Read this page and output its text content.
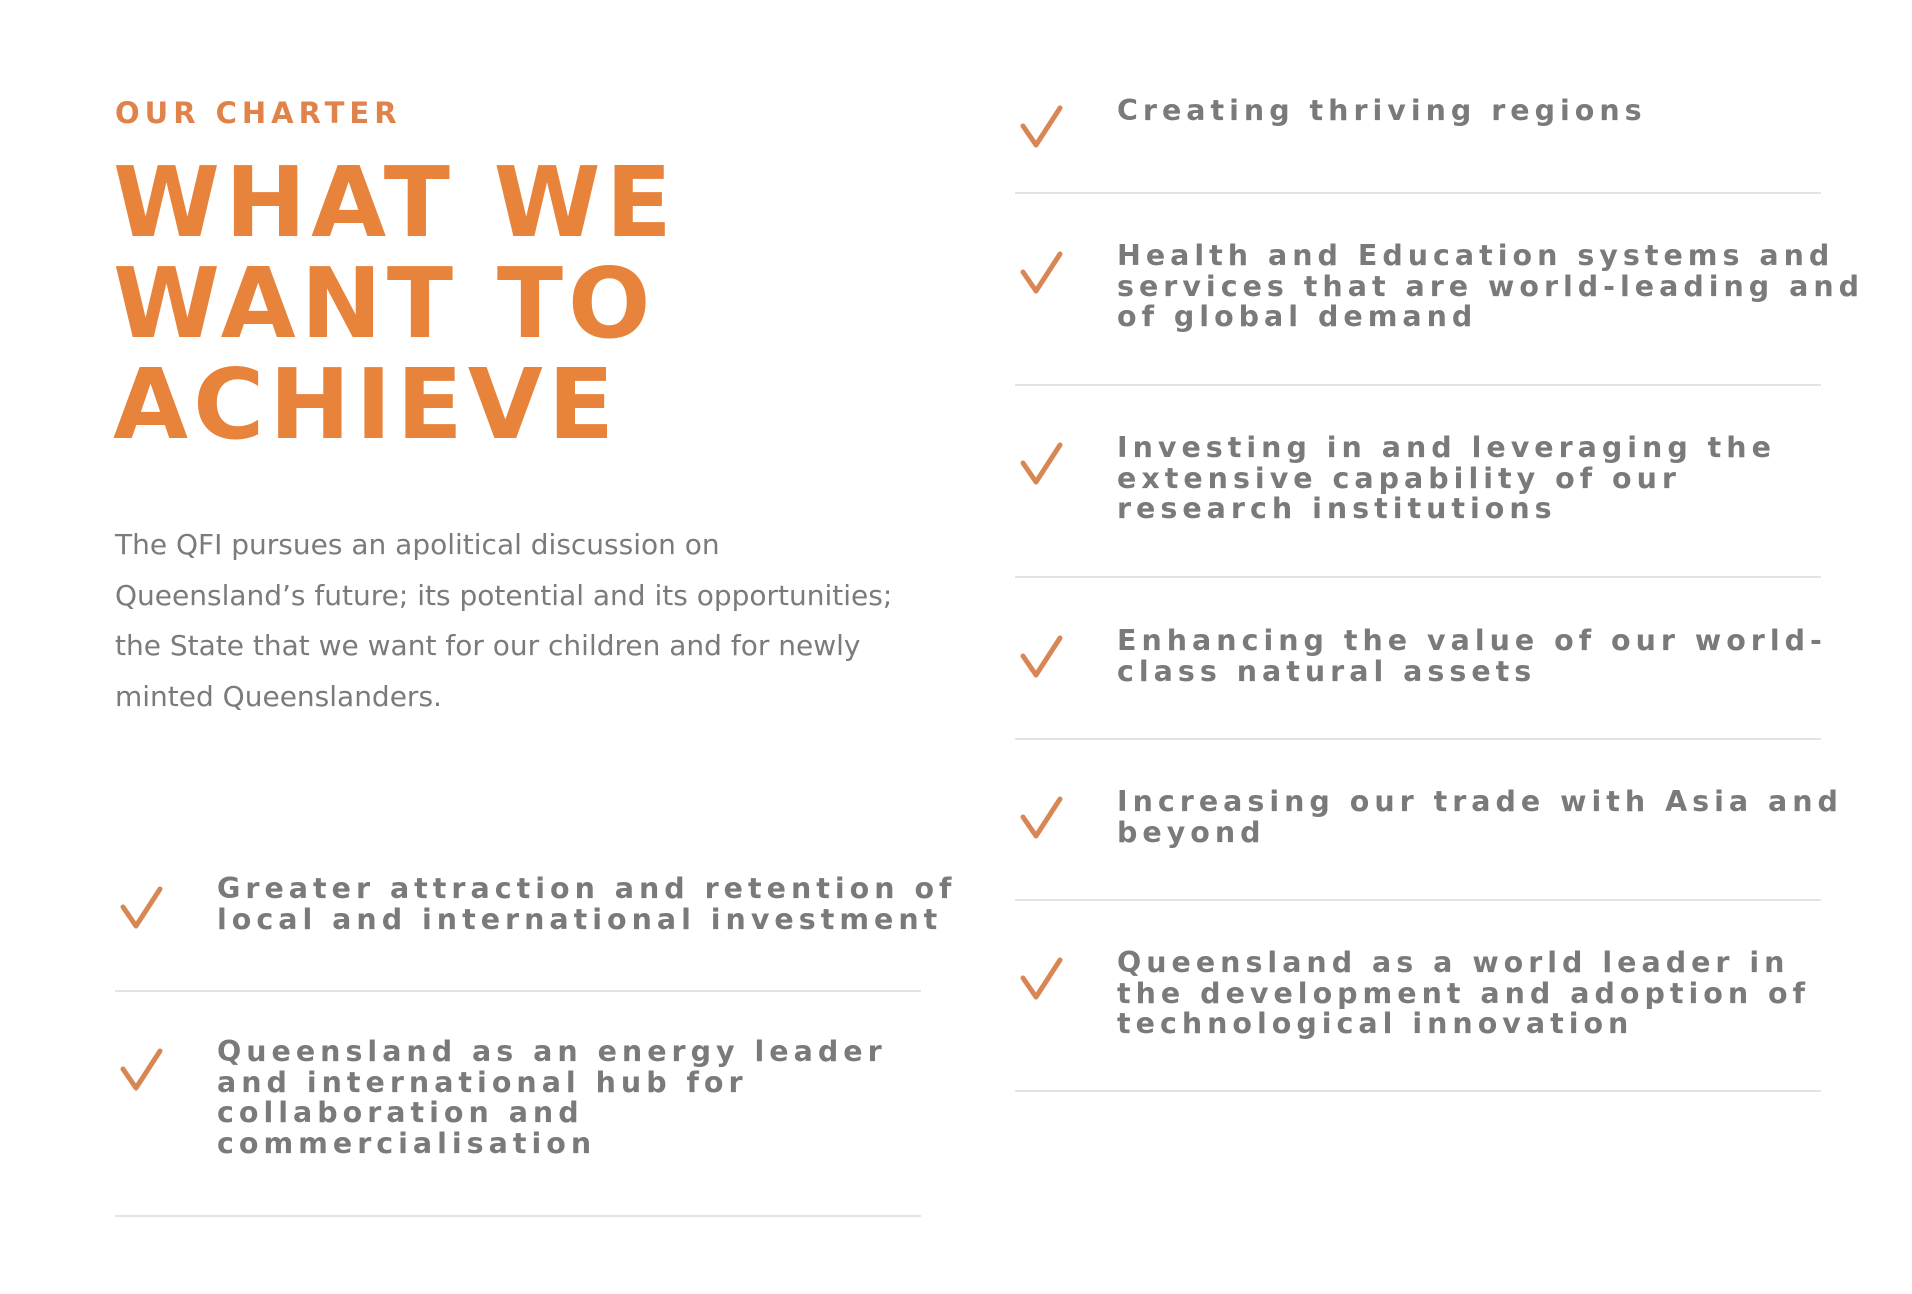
OUR CHARTER
WHAT WE
WANT TO
ACHIEVE

The QFI pursues an apolitical discussion on
Queensland’s future; its potential and its opportunities;
the State that we want for our children and for newly
minted Queenslanders.

Greater attraction and retention of
local and international investment

Queensland as an energy leader
and international hub for
collaboration and
commercialisation

Creating thriving regions

Health and Education systems and
services that are world-leading and
of global demand

Investing in and leveraging the
extensive capability of our
research institutions

Enhancing the value of our world-
class natural assets

Increasing our trade with Asia and
beyond

Queensland as a world leader in
the development and adoption of
technological innovation
